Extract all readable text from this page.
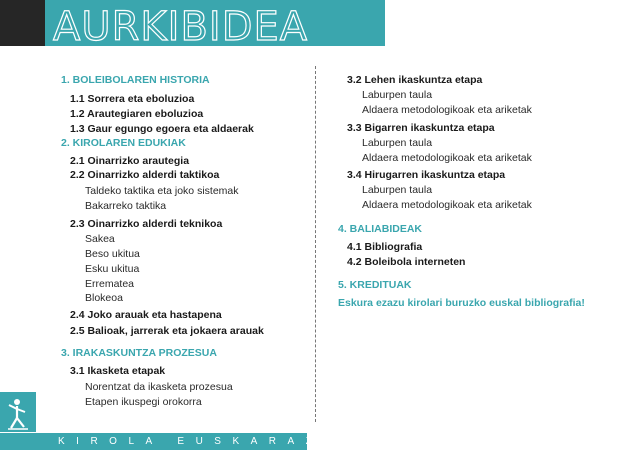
AURKIBIDEA
1. BOLEIBOLAREN HISTORIA
1.1 Sorrera eta eboluzioa
1.2 Arautegiaren eboluzioa
1.3 Gaur egungo egoera eta aldaerak
2. KIROLAREN EDUKIAK
2.1 Oinarrizko arautegia
2.2 Oinarrizko alderdi taktikoa
Taldeko taktika eta joko sistemak
Bakarreko taktika
2.3 Oinarrizko alderdi teknikoa
Sakea
Beso ukitua
Esku ukitua
Errematea
Blokeoa
2.4 Joko arauak eta hastapena
2.5 Balioak, jarrerak eta jokaera arauak
3. IRAKASKUNTZA PROZESUA
3.1 Ikasketa etapak
Norentzat da ikasketa prozesua
Etapen ikuspegi orokorra
3.2 Lehen ikaskuntza etapa
Laburpen taula
Aldaera metodologikoak eta ariketak
3.3 Bigarren ikaskuntza etapa
Laburpen taula
Aldaera metodologikoak eta ariketak
3.4 Hirugarren ikaskuntza etapa
Laburpen taula
Aldaera metodologikoak eta ariketak
4. BALIABIDEAK
4.1 Bibliografia
4.2 Boleibola interneten
5. KREDITUAK
Eskura ezazu kirolari buruzko euskal bibliografia!
KIROLA EUSKARAZ
